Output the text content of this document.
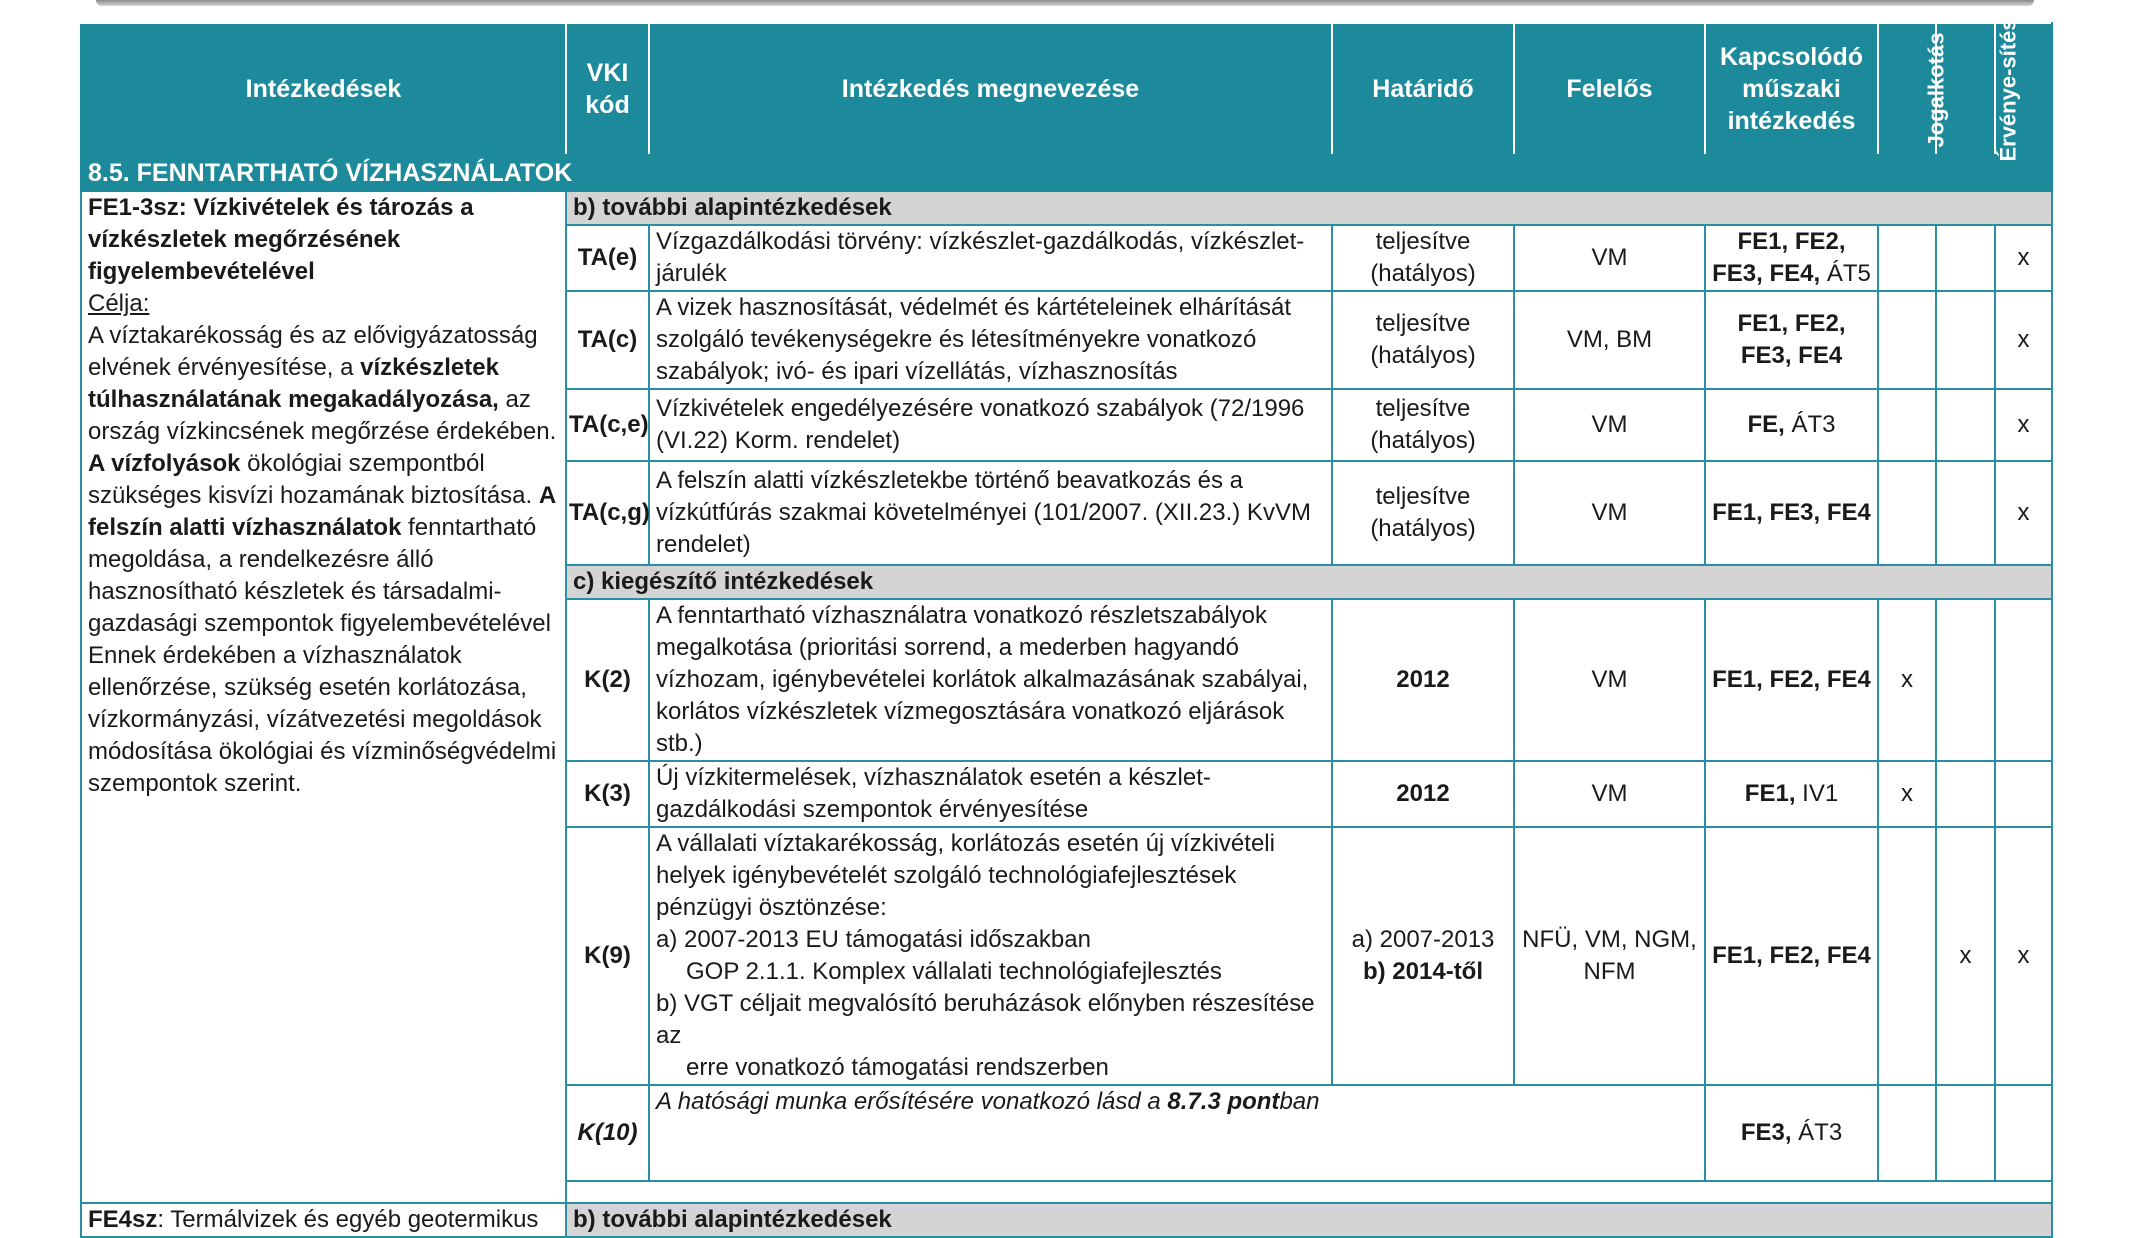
Intézkedések	VKI kód	Intézkedés megnevezése	Határidő	Felelős	Kapcsolódó műszaki intézkedés	Jogalkotás	Érvénye-sítés	Végre-hajtás
8.5. FENNTARTHATÓ VÍZHASZNÁLATOK								
FE1-3sz: Vízkivételek és tározás a vízkészletek megőrzésének figyelembevételével
Célja:
A víztakarékosság és az elővigyázatosság elvének érvényesítése, a vízkészletek túlhasználatának megakadályozása, az ország vízkincsének megőrzése érdekében. A vízfolyások ökológiai szempontból szükséges kisvízi hozamának biztosítása. A felszín alatti vízhasználatok fenntartható megoldása, a rendelkezésre álló hasznosítható készletek és társadalmi-gazdasági szempontok figyelembevételével Ennek érdekében a vízhasználatok ellenőrzése, szükség esetén korlátozása, vízkormányzási, vízátvezetési megoldások módosítása ökológiai és vízminőségvédelmi szempontok szerint.	b) további alapintézkedések							
	TA(e)	Vízgazdálkodási törvény: vízkészlet-gazdálkodás, vízkészlet-járulék	teljesítve (hatályos)	VM	FE1, FE2, FE3, FE4, ÁT5			x
	TA(c)	A vizek hasznosítását, védelmét és kártételeinek elhárítását szolgáló tevékenységekre és létesítményekre vonatkozó szabályok; ivó- és ipari vízellátás, vízhasznosítás	teljesítve (hatályos)	VM, BM	FE1, FE2, FE3, FE4			x
	TA(c,e)	Vízkivételek engedélyezésére vonatkozó szabályok (72/1996 (VI.22) Korm. rendelet)	teljesítve (hatályos)	VM	FE, ÁT3			x
	TA(c,g)	A felszín alatti vízkészletekbe történő beavatkozás és a vízkútfúrás szakmai követelményei (101/2007. (XII.23.) KvVM rendelet)	teljesítve (hatályos)	VM	FE1, FE3, FE4			x
	c) kiegészítő intézkedések							
	K(2)	A fenntartható vízhasználatra vonatkozó részletszabályok megalkotása (prioritási sorrend, a mederben hagyandó vízhozam, igénybevételei korlátok alkalmazásának szabályai, korlátos vízkészletek vízmegosztására vonatkozó eljárások stb.)	2012	VM	FE1, FE2, FE4	x		
	K(3)	Új vízkitermelések, vízhasználatok esetén a készlet-gazdálkodási szempontok érvényesítése	2012	VM	FE1, IV1	x		
	K(9)	A vállalati víztakarékosság, korlátozás esetén új vízkivételi helyek igénybevételét szolgáló technológiafejlesztések pénzügyi ösztönzése:
a) 2007-2013 EU támogatási időszakban
GOP 2.1.1. Komplex vállalati technológiafejlesztés
b) VGT céljait megvalósító beruházások előnyben részesítése az
erre vonatkozó támogatási rendszerben	a) 2007-2013
b) 2014-től	NFÜ, VM, NGM, NFM	FE1, FE2, FE4		x	x
	K(10)	A hatósági munka erősítésére vonatkozó lásd a 8.7.3 pontban			FE3, ÁT3			

FE4sz: Termálvizek és egyéb geotermikus	b) további alapintézkedések							
